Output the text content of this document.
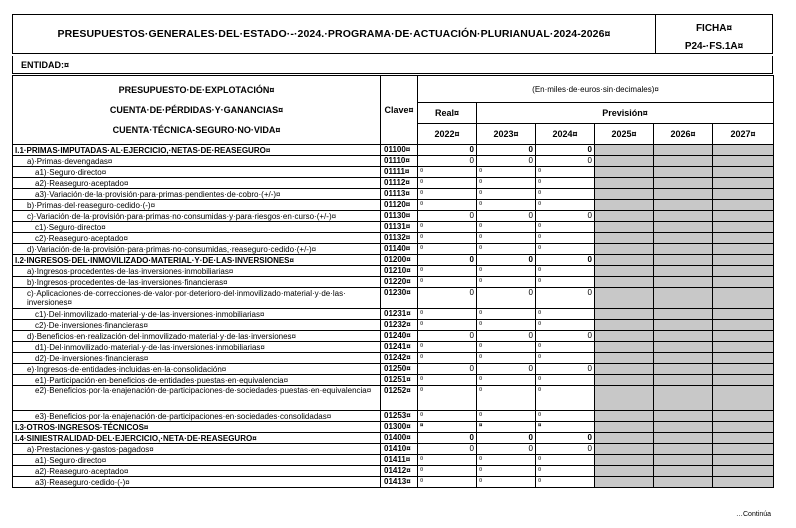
PRESUPUESTOS·GENERALES·DEL·ESTADO·-·2024.·PROGRAMA·DE·ACTUACIÓN·PLURIANUAL·2024-2026¤	FICHA¤
P24-·FS.1A¤
ENTIDAD:¤
PRESUPUESTO·DE·EXPLOTACIÓN¤
CUENTA·DE·PÉRDIDAS·Y·GANANCIAS¤
CUENTA·TÉCNICA-SEGURO·NO·VIDA¤	Clave¤	(En·miles·de·euros·sin·decimales)¤					
		Real¤	Previsión¤				
		2022¤	2023¤	2024¤	2025¤	2026¤	2027¤
I.1·PRIMAS·IMPUTADAS·AL·EJERCICIO,·NETAS·DE·REASEGURO¤	01100¤	0	0	0			
a)·Primas·devengadas¤	01110¤	0	0	0			
a1)·Seguro·directo¤	01111¤	¤	¤	¤			
a2)·Reaseguro·aceptado¤	01112¤	¤	¤	¤			
a3)·Variación·de·la·provisión·para·primas·pendientes·de·cobro·(+/-)¤	01113¤	¤	¤	¤			
b)·Primas·del·reaseguro·cedido·(-)¤	01120¤	¤	¤	¤			
c)·Variación·de·la·provisión·para·primas·no·consumidas·y·para·riesgos·en·curso·(+/-)¤	01130¤	0	0	0			
c1)·Seguro·directo¤	01131¤	¤	¤	¤			
c2)·Reaseguro·aceptado¤	01132¤	¤	¤	¤			
d)·Variación·de·la·provisión·para·primas·no·consumidas,·reaseguro·cedido·(+/-)¤	01140¤	¤	¤	¤			
I.2·INGRESOS·DEL·INMOVILIZADO·MATERIAL·Y·DE·LAS·INVERSIONES¤	01200¤	0	0	0			
a)·Ingresos·procedentes·de·las·inversiones·inmobiliarias¤	01210¤	¤	¤	¤			
b)·Ingresos·procedentes·de·las·inversiones·financieras¤	01220¤	¤	¤	¤			
c)·Aplicaciones·de·correcciones·de·valor·por·deterioro·del·inmovilizado·material·y·de·las· inversiones¤	01230¤	0	0	0			
c1)·Del·inmovilizado·material·y·de·las·inversiones·inmobiliarias¤	01231¤	¤	¤	¤			
c2)·De·inversiones·financieras¤	01232¤	¤	¤	¤			
d)·Beneficios·en·realización·del·inmovilizado·material·y·de·las·inversiones¤	01240¤	0	0	0			
d1)·Del·inmovilizado·material·y·de·las·inversiones·inmobiliarias¤	01241¤	¤	¤	¤			
d2)·De·inversiones·financieras¤	01242¤	¤	¤	¤			
e)·Ingresos·de·entidades·incluidas·en·la·consolidación¤	01250¤	0	0	0			
e1)·Participación·en·beneficios·de·entidades·puestas·en·equivalencia¤	01251¤	¤	¤	¤			
e2)·Beneficios·por·la·enajenación·de·participaciones·de·sociedades·puestas·en·equivalencia¤	01252¤	¤	¤	¤			
e3)·Beneficios·por·la·enajenación·de·participaciones·en·sociedades·consolidadas¤	01253¤	¤	¤	¤			
I.3·OTROS·INGRESOS·TÉCNICOS¤	01300¤	¤	¤	¤			
I.4·SINIESTRALIDAD·DEL·EJERCICIO,·NETA·DE·REASEGURO¤	01400¤	0	0	0			
a)·Prestaciones·y·gastos·pagados¤	01410¤	0	0	0			
a1)·Seguro·directo¤	01411¤	¤	¤	¤			
a2)·Reaseguro·aceptado¤	01412¤	¤	¤	¤			
a3)·Reaseguro·cedido·(-)¤	01413¤	¤	¤	¤			
…Continúa
